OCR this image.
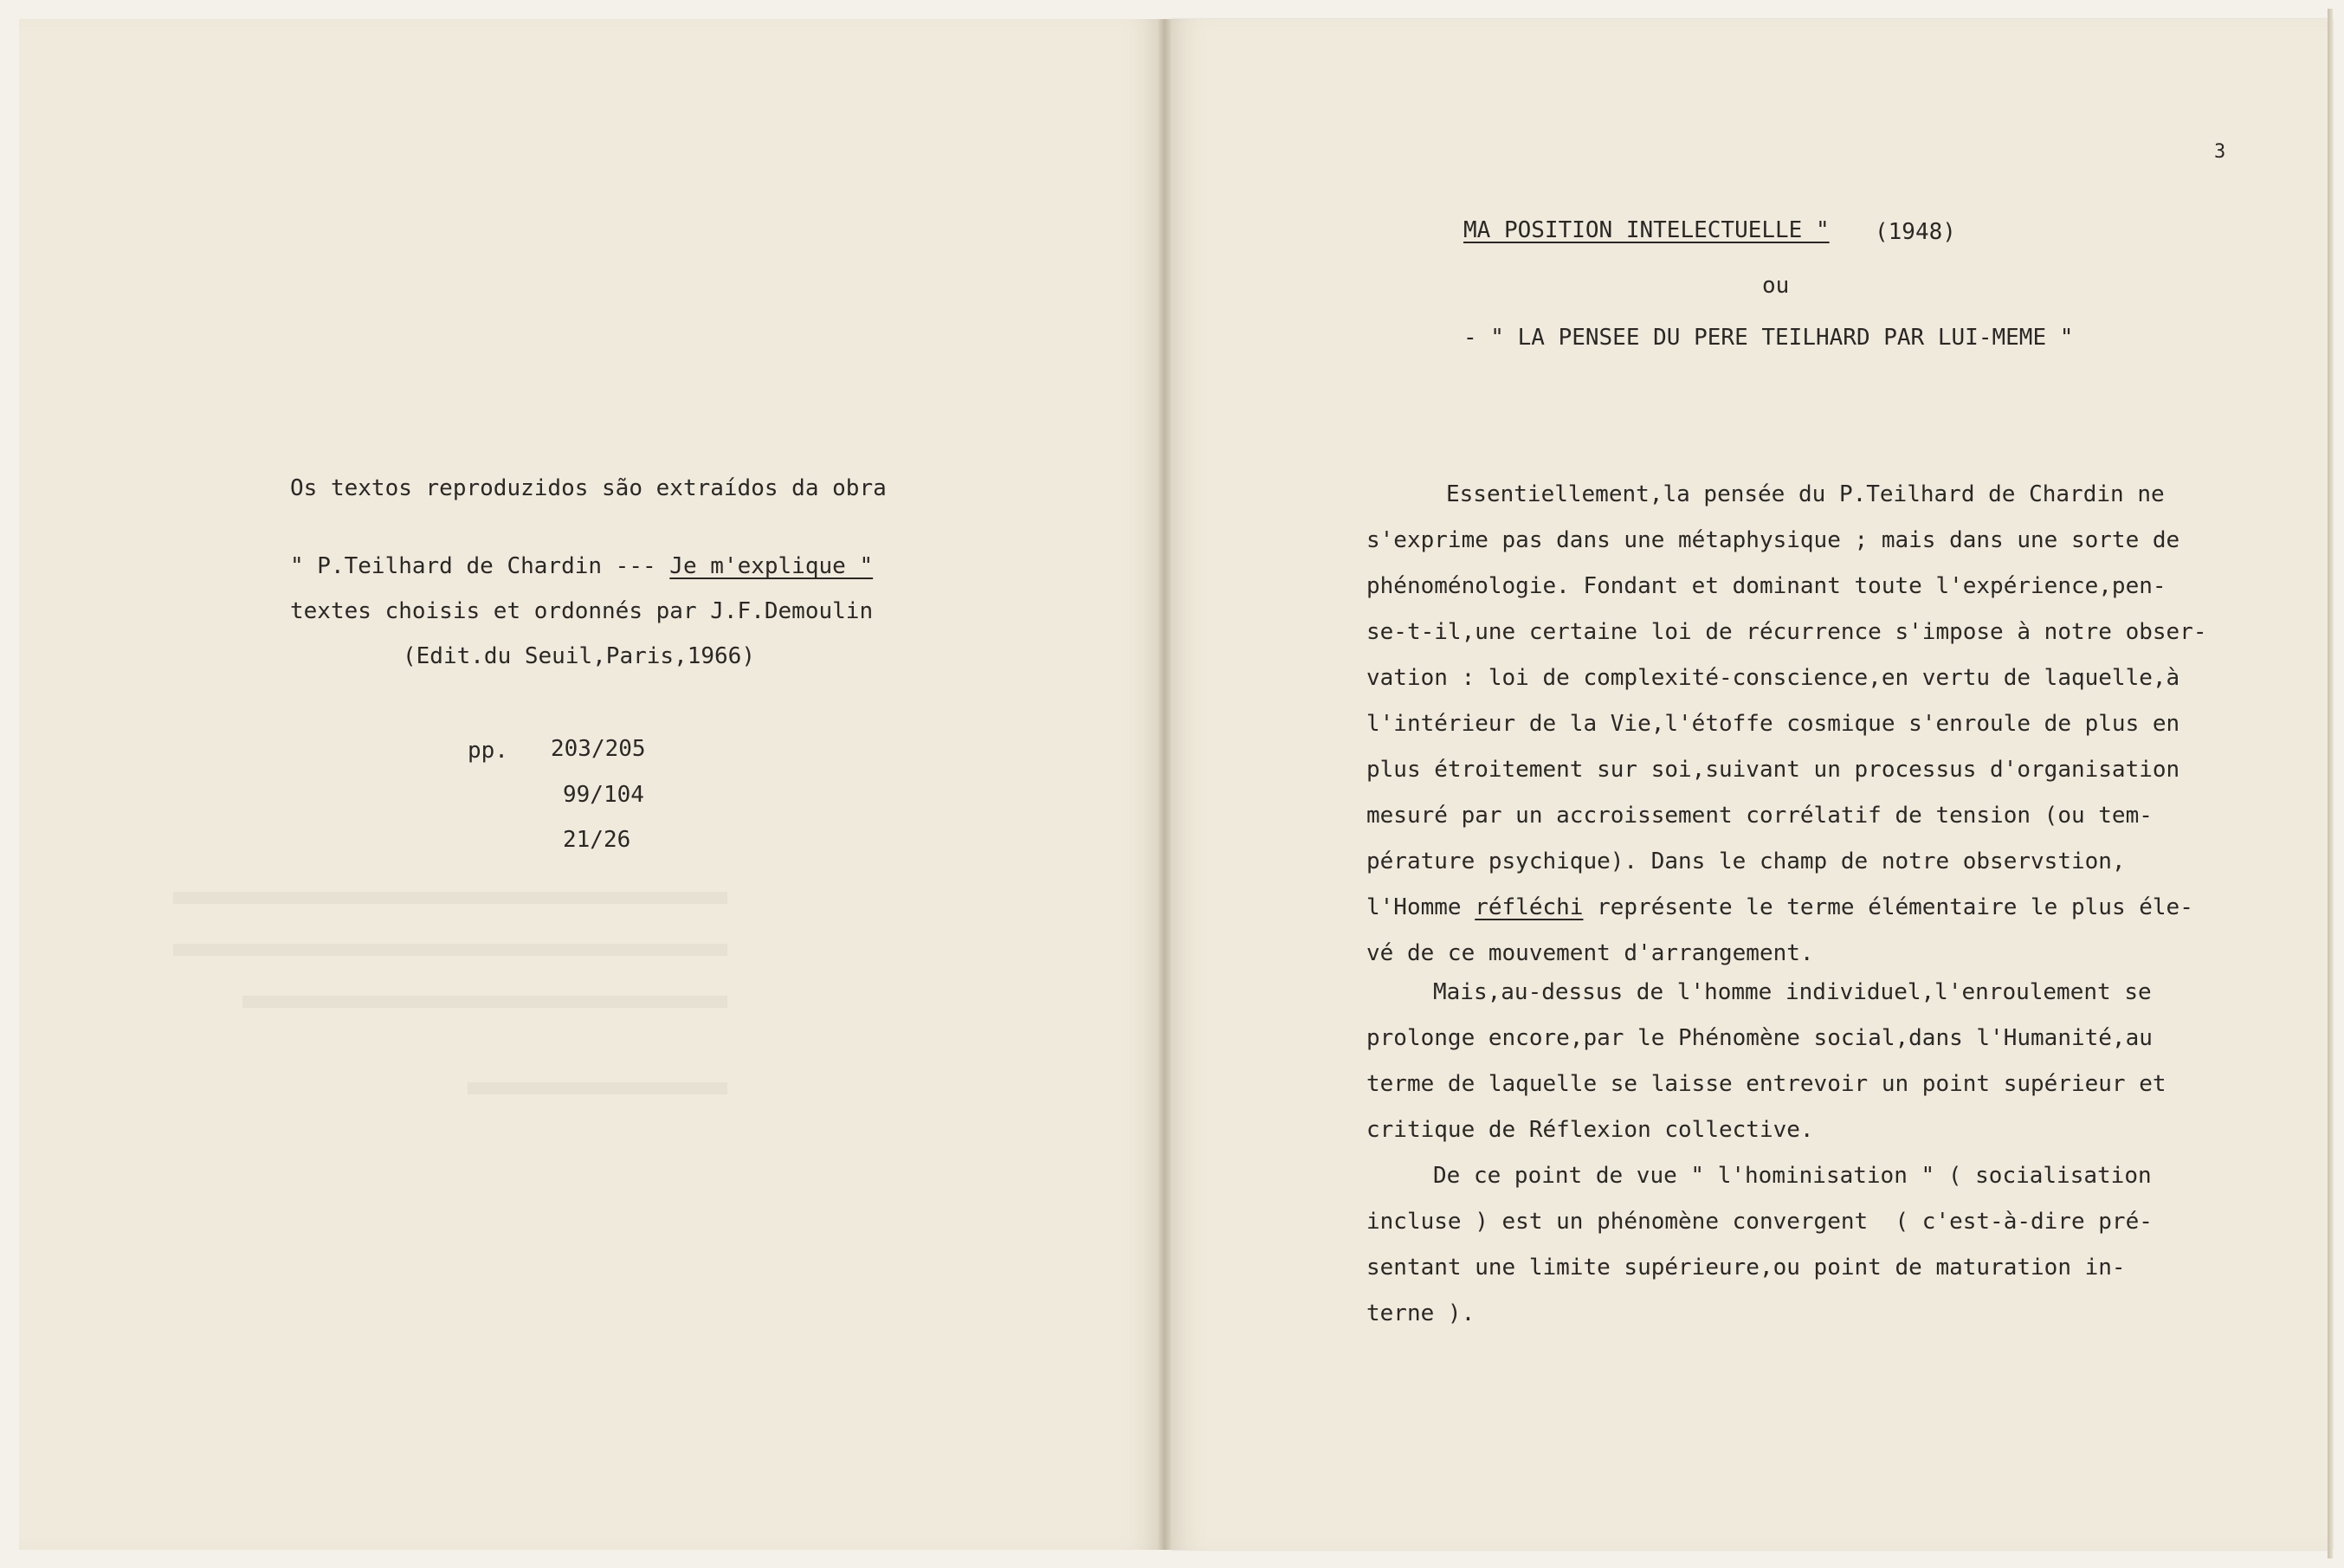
Os textos reproduzidos são extraídos da obra
" P.Teilhard de Chardin --- Je m'explique "
textes choisis et ordonnés par J.F.Demoulin
(Edit.du Seuil,Paris,1966)
pp. 203/205
99/104
21/26
3
MA POSITION INTELECTUELLE " (1948)
ou
- " LA PENSEE DU PERE TEILHARD PAR LUI-MEME "
Essentiellement,la pensée du P.Teilhard de Chardin ne
s'exprime pas dans une métaphysique ; mais dans une sorte de
phénoménologie. Fondant et dominant toute l'expérience,pen-
se-t-il,une certaine loi de récurrence s'impose à notre obser-
vation : loi de complexité-conscience,en vertu de laquelle,à
l'intérieur de la Vie,l'étoffe cosmique s'enroule de plus en
plus étroitement sur soi,suivant un processus d'organisation
mesuré par un accroissement corrélatif de tension (ou tem-
pérature psychique). Dans le champ de notre observstion,
l'Homme réfléchi représente le terme élémentaire le plus éle-
vé de ce mouvement d'arrangement.
Mais,au-dessus de l'homme individuel,l'enroulement se
prolonge encore,par le Phénomène social,dans l'Humanité,au
terme de laquelle se laisse entrevoir un point supérieur et
critique de Réflexion collective.
De ce point de vue " l'hominisation " ( socialisation
incluse ) est un phénomène convergent  ( c'est-à-dire pré-
sentant une limite supérieure,ou point de maturation in-
terne ).
